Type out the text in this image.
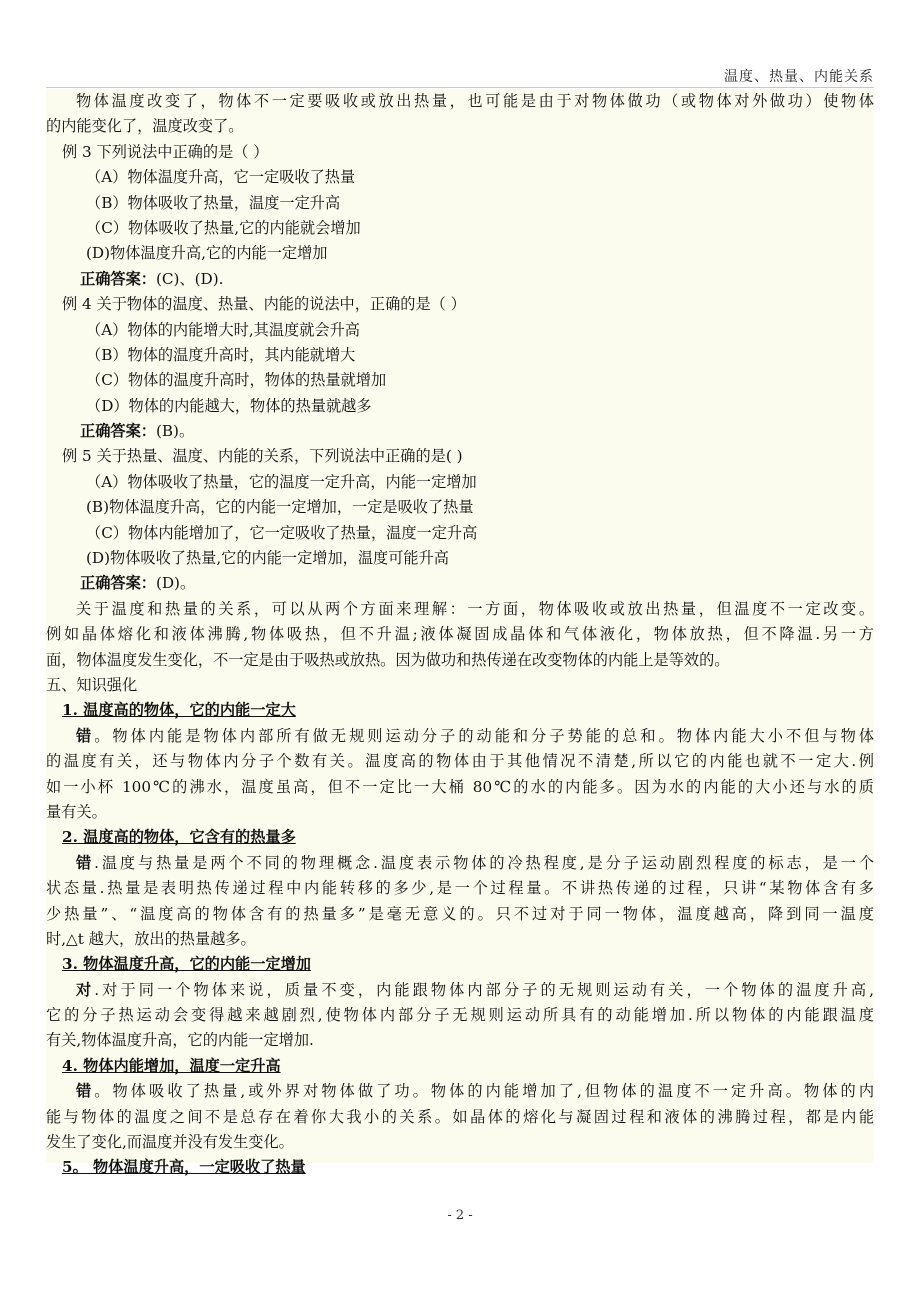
温度、热量、内能关系
物体温度改变了，物体不一定要吸收或放出热量，也可能是由于对物体做功（或物体对外做功）使物体
的内能变化了，温度改变了。
例 3 下列说法中正确的是（ ）
（A）物体温度升高，它一定吸收了热量
（B）物体吸收了热量，温度一定升高
（C）物体吸收了热量,它的内能就会增加
(D)物体温度升高,它的内能一定增加
正确答案：(C)、(D).
例 4 关于物体的温度、热量、内能的说法中，正确的是（ ）
（A）物体的内能增大时,其温度就会升高
（B）物体的温度升高时，其内能就增大
（C）物体的温度升高时，物体的热量就增加
（D）物体的内能越大，物体的热量就越多
正确答案：(B)。
例 5 关于热量、温度、内能的关系，下列说法中正确的是( )
（A）物体吸收了热量，它的温度一定升高，内能一定增加
(B)物体温度升高，它的内能一定增加，一定是吸收了热量
（C）物体内能增加了，它一定吸收了热量，温度一定升高
(D)物体吸收了热量,它的内能一定增加，温度可能升高
正确答案：(D)。
关于温度和热量的关系，可以从两个方面来理解：一方面，物体吸收或放出热量，但温度不一定改变。
例如晶体熔化和液体沸腾,物体吸热，但不升温;液体凝固成晶体和气体液化，物体放热，但不降温.另一方
面，物体温度发生变化，不一定是由于吸热或放热。因为做功和热传递在改变物体的内能上是等效的。
五、知识强化
1. 温度高的物体，它的内能一定大
错。物体内能是物体内部所有做无规则运动分子的动能和分子势能的总和。物体内能大小不但与物体
的温度有关，还与物体内分子个数有关。温度高的物体由于其他情况不清楚,所以它的内能也就不一定大.例
如一小杯 100℃的沸水，温度虽高，但不一定比一大桶 80℃的水的内能多。因为水的内能的大小还与水的质
量有关。
2. 温度高的物体，它含有的热量多
错.温度与热量是两个不同的物理概念.温度表示物体的冷热程度,是分子运动剧烈程度的标志，是一个
状态量.热量是表明热传递过程中内能转移的多少,是一个过程量。不讲热传递的过程，只讲“某物体含有多
少热量”、“温度高的物体含有的热量多”是毫无意义的。只不过对于同一物体，温度越高，降到同一温度
时,△t 越大，放出的热量越多。
3. 物体温度升高，它的内能一定增加
对.对于同一个物体来说，质量不变，内能跟物体内部分子的无规则运动有关，一个物体的温度升高,
它的分子热运动会变得越来越剧烈,使物体内部分子无规则运动所具有的动能增加.所以物体的内能跟温度
有关,物体温度升高，它的内能一定增加.
4. 物体内能增加，温度一定升高
错。物体吸收了热量,或外界对物体做了功。物体的内能增加了,但物体的温度不一定升高。物体的内
能与物体的温度之间不是总存在着你大我小的关系。如晶体的熔化与凝固过程和液体的沸腾过程，都是内能
发生了变化,而温度并没有发生变化。
5。 物体温度升高，一定吸收了热量
- 2 -
